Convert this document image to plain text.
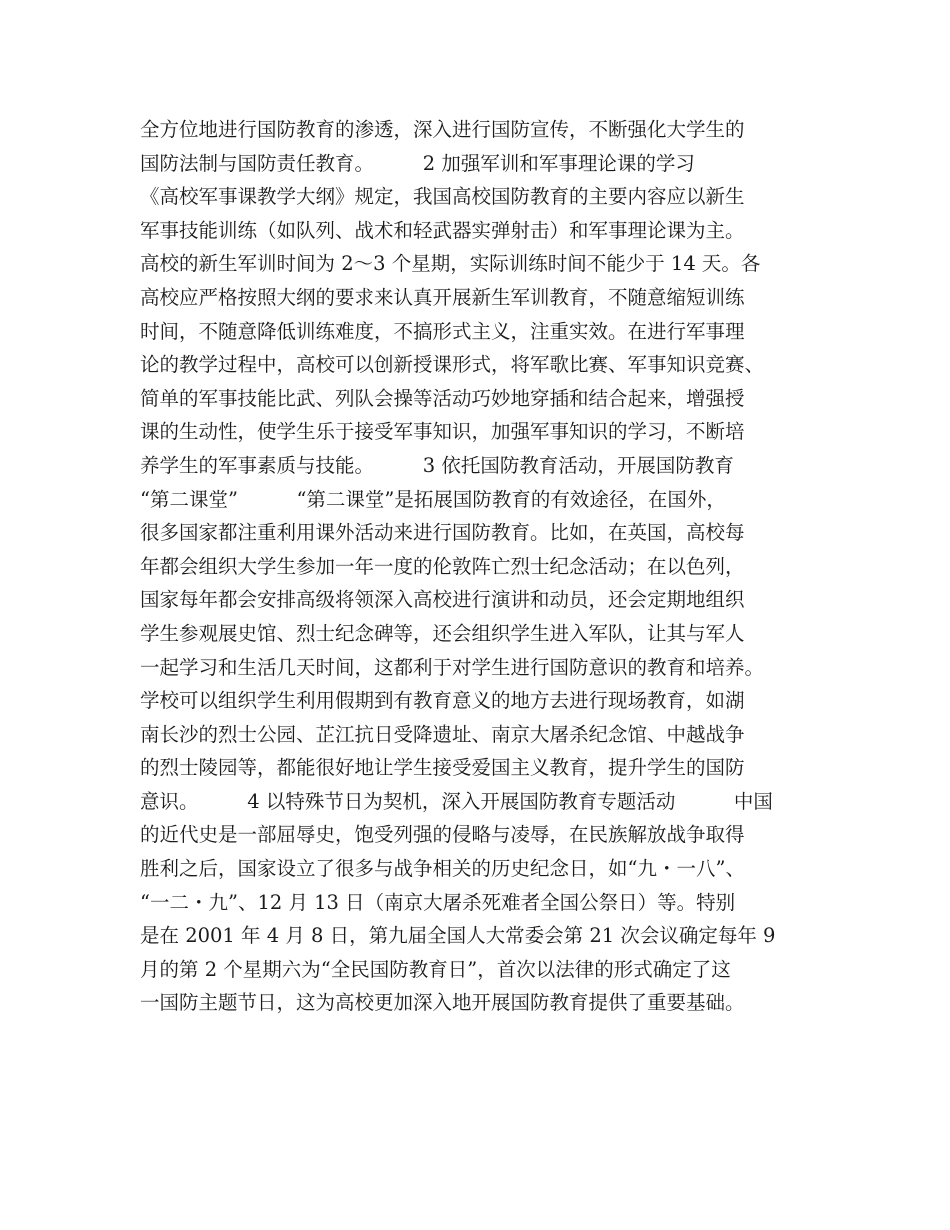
全方位地进行国防教育的渗透，深入进行国防宣传，不断强化大学生的
国防法制与国防责任教育。　　　2 加强军训和军事理论课的学习
《高校军事课教学大纲》规定，我国高校国防教育的主要内容应以新生
军事技能训练（如队列、战术和轻武器实弹射击）和军事理论课为主。
高校的新生军训时间为 2～3 个星期，实际训练时间不能少于 14 天。各
高校应严格按照大纲的要求来认真开展新生军训教育，不随意缩短训练
时间，不随意降低训练难度，不搞形式主义，注重实效。在进行军事理
论的教学过程中，高校可以创新授课形式，将军歌比赛、军事知识竞赛、
简单的军事技能比武、列队会操等活动巧妙地穿插和结合起来，增强授
课的生动性，使学生乐于接受军事知识，加强军事知识的学习，不断培
养学生的军事素质与技能。　　　3 依托国防教育活动，开展国防教育
“第二课堂”　　　“第二课堂”是拓展国防教育的有效途径，在国外，
很多国家都注重利用课外活动来进行国防教育。比如，在英国，高校每
年都会组织大学生参加一年一度的伦敦阵亡烈士纪念活动；在以色列，
国家每年都会安排高级将领深入高校进行演讲和动员，还会定期地组织
学生参观展史馆、烈士纪念碑等，还会组织学生进入军队，让其与军人
一起学习和生活几天时间，这都利于对学生进行国防意识的教育和培养。
学校可以组织学生利用假期到有教育意义的地方去进行现场教育，如湖
南长沙的烈士公园、芷江抗日受降遗址、南京大屠杀纪念馆、中越战争
的烈士陵园等，都能很好地让学生接受爱国主义教育，提升学生的国防
意识。　　　4 以特殊节日为契机，深入开展国防教育专题活动　　　中国
的近代史是一部屈辱史，饱受列强的侵略与凌辱，在民族解放战争取得
胜利之后，国家设立了很多与战争相关的历史纪念日，如“九・一八”、
“一二・九”、12 月 13 日（南京大屠杀死难者全国公祭日）等。特别
是在 2001 年 4 月 8 日，第九届全国人大常委会第 21 次会议确定每年 9
月的第 2 个星期六为“全民国防教育日”，首次以法律的形式确定了这
一国防主题节日，这为高校更加深入地开展国防教育提供了重要基础。
